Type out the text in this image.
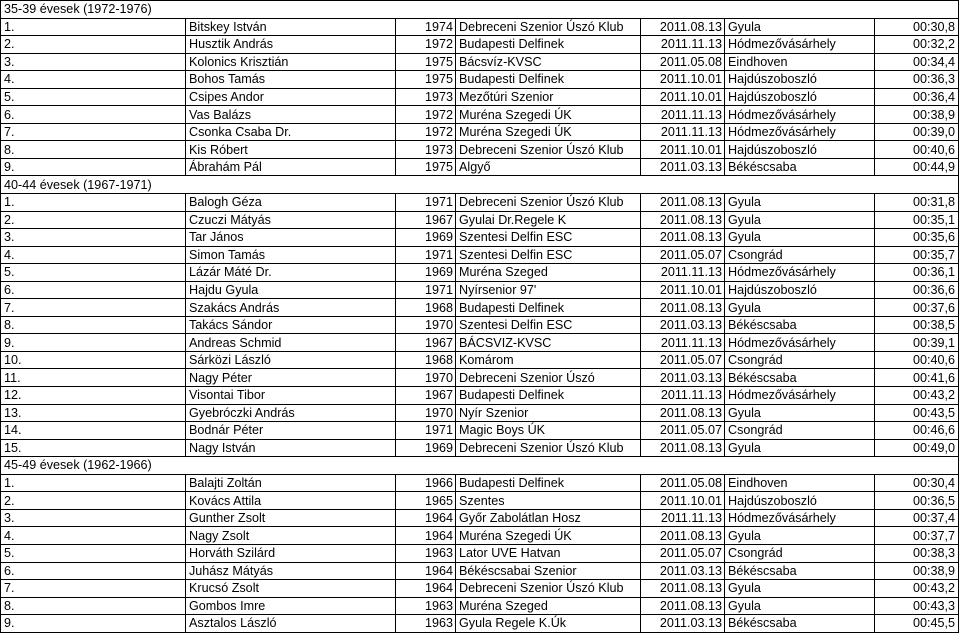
35-39 évesek (1972-1976)						
1.	Bitskey István	1974	Debreceni Szenior Úszó Klub	2011.08.13	Gyula	00:30,8
2.	Husztik András	1972	Budapesti Delfinek	2011.11.13	Hódmezővásárhely	00:32,2
3.	Kolonics Krisztián	1975	Bácsvíz-KVSC	2011.05.08	Eindhoven	00:34,4
4.	Bohos Tamás	1975	Budapesti Delfinek	2011.10.01	Hajdúszoboszló	00:36,3
5.	Csipes Andor	1973	Mezőtúri Szenior	2011.10.01	Hajdúszoboszló	00:36,4
6.	Vas Balázs	1972	Muréna Szegedi ÚK	2011.11.13	Hódmezővásárhely	00:38,9
7.	Csonka Csaba Dr.	1972	Muréna Szegedi ÚK	2011.11.13	Hódmezővásárhely	00:39,0
8.	Kis Róbert	1973	Debreceni Szenior Úszó Klub	2011.10.01	Hajdúszoboszló	00:40,6
9.	Ábrahám Pál	1975	Algyő	2011.03.13	Békéscsaba	00:44,9
40-44 évesek (1967-1971)						
1.	Balogh Géza	1971	Debreceni Szenior Úszó Klub	2011.08.13	Gyula	00:31,8
2.	Czuczi Mátyás	1967	Gyulai Dr.Regele K	2011.08.13	Gyula	00:35,1
3.	Tar János	1969	Szentesi Delfin ESC	2011.08.13	Gyula	00:35,6
4.	Simon Tamás	1971	Szentesi Delfin ESC	2011.05.07	Csongrád	00:35,7
5.	Lázár Máté Dr.	1969	Muréna Szeged	2011.11.13	Hódmezővásárhely	00:36,1
6.	Hajdu Gyula	1971	Nyírsenior 97'	2011.10.01	Hajdúszoboszló	00:36,6
7.	Szakács András	1968	Budapesti Delfinek	2011.08.13	Gyula	00:37,6
8.	Takács Sándor	1970	Szentesi Delfin ESC	2011.03.13	Békéscsaba	00:38,5
9.	Andreas Schmid	1967	BÁCSVIZ-KVSC	2011.11.13	Hódmezővásárhely	00:39,1
10.	Sárközi László	1968	Komárom	2011.05.07	Csongrád	00:40,6
11.	Nagy Péter	1970	Debreceni Szenior Úszó	2011.03.13	Békéscsaba	00:41,6
12.	Visontai Tibor	1967	Budapesti Delfinek	2011.11.13	Hódmezővásárhely	00:43,2
13.	Gyebróczki András	1970	Nyír Szenior	2011.08.13	Gyula	00:43,5
14.	Bodnár Péter	1971	Magic Boys ÚK	2011.05.07	Csongrád	00:46,6
15.	Nagy István	1969	Debreceni Szenior Úszó Klub	2011.08.13	Gyula	00:49,0
45-49 évesek (1962-1966)						
1.	Balajti Zoltán	1966	Budapesti Delfinek	2011.05.08	Eindhoven	00:30,4
2.	Kovács Attila	1965	Szentes	2011.10.01	Hajdúszoboszló	00:36,5
3.	Gunther Zsolt	1964	Győr Zabolátlan Hosz	2011.11.13	Hódmezővásárhely	00:37,4
4.	Nagy Zsolt	1964	Muréna Szegedi ÚK	2011.08.13	Gyula	00:37,7
5.	Horváth Szilárd	1963	Lator UVE Hatvan	2011.05.07	Csongrád	00:38,3
6.	Juhász Mátyás	1964	Békéscsabai Szenior	2011.03.13	Békéscsaba	00:38,9
7.	Krucsó Zsolt	1964	Debreceni Szenior Úszó Klub	2011.08.13	Gyula	00:43,2
8.	Gombos Imre	1963	Muréna Szeged	2011.08.13	Gyula	00:43,3
9.	Asztalos László	1963	Gyula Regele K.Úk	2011.03.13	Békéscsaba	00:45,5
